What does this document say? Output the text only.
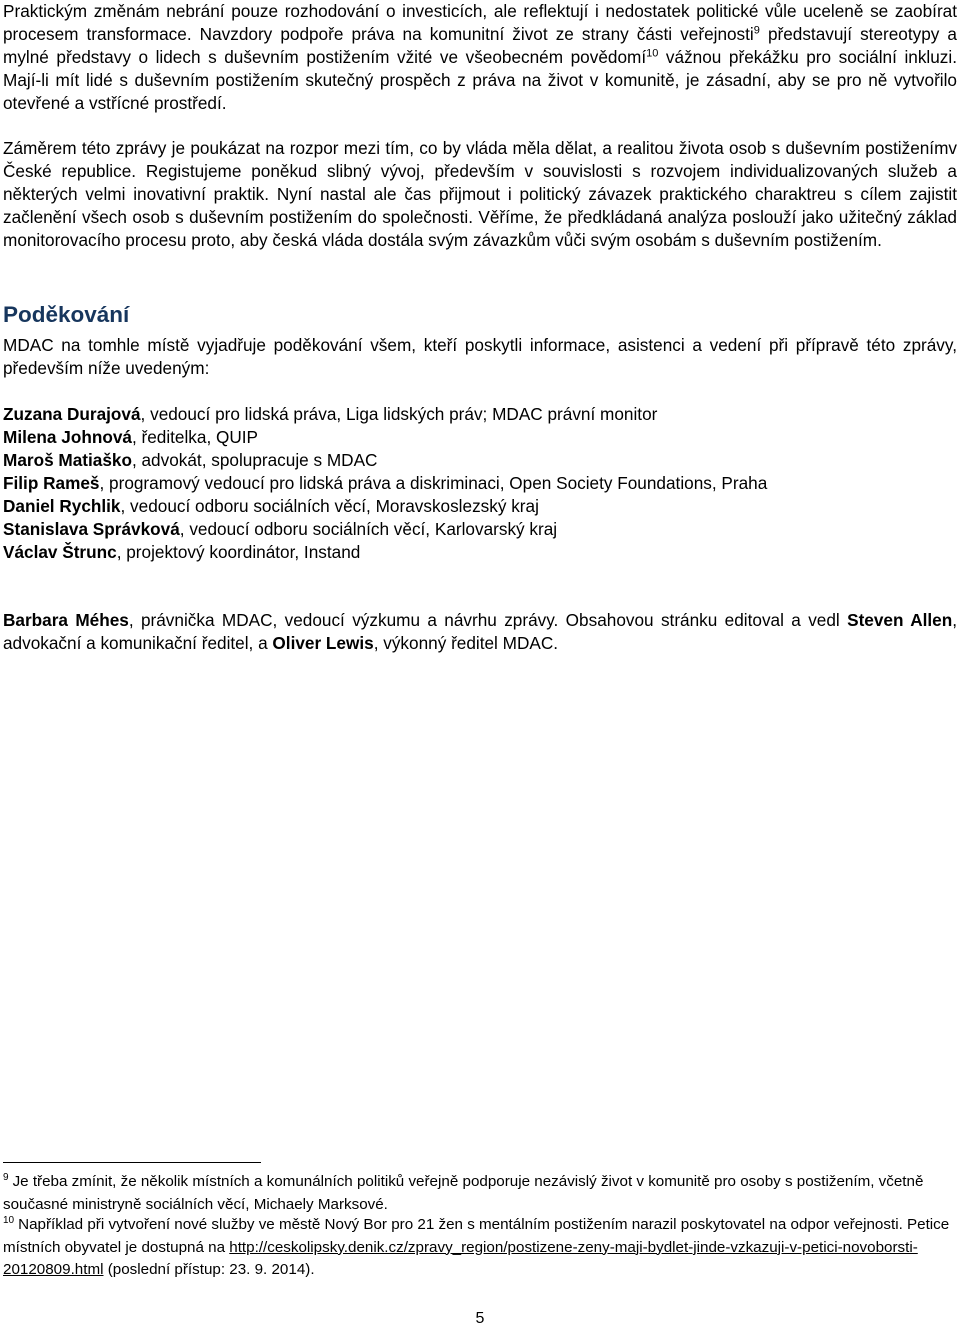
Praktickým změnám nebrání pouze rozhodování o investicích, ale reflektují i nedostatek politické vůle uceleně se zaobírat procesem transformace. Navzdory podpoře práva na komunitní život ze strany části veřejnosti$^9$ představují stereotypy a mylné představy o lidech s duševním postižením vžité ve všeobecném povědomí$^{10}$ vážnou překážku pro sociální inkluzi. Mají-li mít lidé s duševním postižením skutečný prospěch z práva na život v komunitě, je zásadní, aby se pro ně vytvořilo otevřené a vstřícné prostředí.

Záměrem této zprávy je poukázat na rozpor mezi tím, co by vláda měla dělat, a realitou života osob s duševním postiženímv České republice. Registujeme poněkud slibný vývoj, především v souvislosti s rozvojem individualizovaných služeb a některých velmi inovativní praktik. Nyní nastal ale čas přijmout i politický závazek praktického charaktreu s cílem zajistit začlenění všech osob s duševním postižením do společnosti. Věříme, že předkládaná analýza poslouží jako užitečný základ monitorovacího procesu proto, aby česká vláda dostála svým závazkům vůči svým osobám s duševním postižením.

Poděkování

MDAC na tomhle místě vyjadřuje poděkování všem, kteří poskytli informace, asistenci a vedení při přípravě této zprávy, především níže uvedeným:

Zuzana Durajová, vedoucí pro lidská práva, Liga lidských práv; MDAC právní monitor
Milena Johnová, ředitelka, QUIP
Maroš Matiaško, advokát, spolupracuje s MDAC
Filip Rameš, programový vedoucí pro lidská práva a diskriminaci, Open Society Foundations, Praha
Daniel Rychlik, vedoucí odboru sociálních věcí, Moravskoslezský kraj
Stanislava Správková, vedoucí odboru sociálních věcí, Karlovarský kraj
Václav Štrunc, projektový koordinátor, Instand

Barbara Méhes, právnička MDAC, vedoucí výzkumu a návrhu zprávy. Obsahovou stránku editoval a vedl Steven Allen, advokační a komunikační ředitel, a Oliver Lewis, výkonný ředitel MDAC.

$^9$ Je třeba zmínit, že několik místních a komunálních politiků veřejně podporuje nezávislý život v komunitě pro osoby s postižením, včetně současné ministryně sociálních věcí, Michaely Marksové.

$^{10}$ Například při vytvoření nové služby ve městě Nový Bor pro 21 žen s mentálním postižením narazil poskytovatel na odpor veřejnosti. Petice místních obyvatel je dostupná na http://ceskolipsky.denik.cz/zpravy_region/postizene-zeny-maji-bydlet-jinde-vzkazuji-v-petici-novoborsti-20120809.html (poslední přístup: 23. 9. 2014).

5
